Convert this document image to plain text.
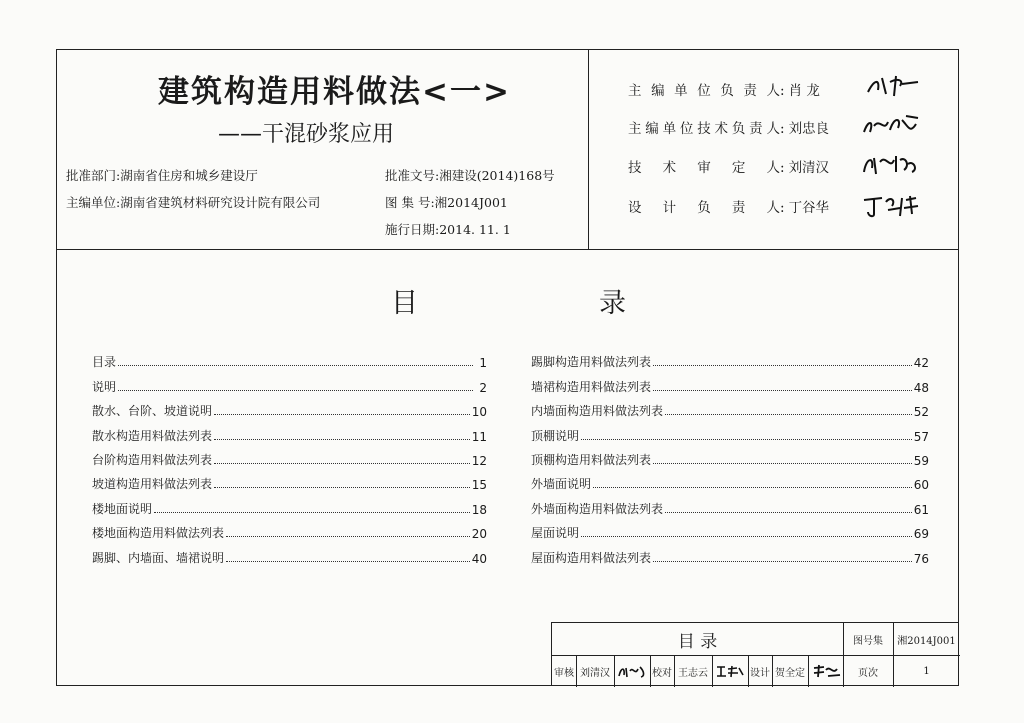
建筑构造用料做法<一>
——干混砂浆应用
批准部门:湖南省住房和城乡建设厅
主编单位:湖南省建筑材料研究设计院有限公司
批准文号:湘建设(2014)168号
图 集 号:湘2014J001
施行日期:2014. 11. 1
主编单位负责人: 肖 龙
主编单位技术负责人: 刘忠良
技术审定人: 刘清汉
设计负责人: 丁谷华
目	录
目录	1
说明	2
散水、台阶、坡道说明	10
散水构造用料做法列表	11
台阶构造用料做法列表	12
坡道构造用料做法列表	15
楼地面说明	18
楼地面构造用料做法列表	20
踢脚、内墙面、墙裙说明	40
踢脚构造用料做法列表	42
墙裙构造用料做法列表	48
内墙面构造用料做法列表	52
顶棚说明	57
顶棚构造用料做法列表	59
外墙面说明	60
外墙面构造用料做法列表	61
屋面说明	69
屋面构造用料做法列表	76
目 录	图号集	湘2014J001
审核 刘清汉	校对 王志云	设计 贺全定	页次	1
